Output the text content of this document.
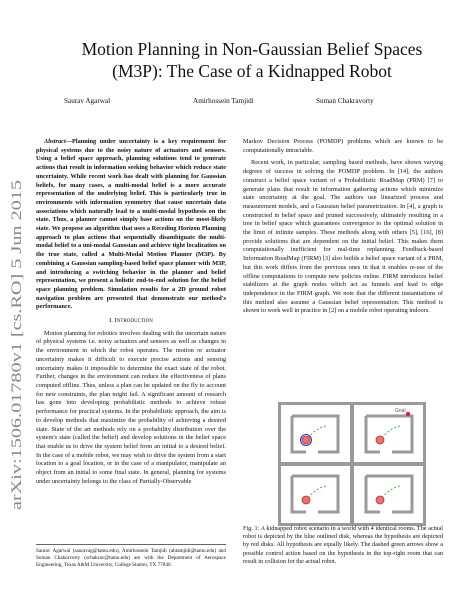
Motion Planning in Non-Gaussian Belief Spaces
(M3P): The Case of a Kidnapped Robot
Saurav Agarwal	Amirhossein Tamjidi	Suman Chakravorty
arXiv:1506.01780v1 [cs.RO] 5 Jun 2015

Abstract—Planning under uncertainty is a key requirement for physical systems due to the noisy nature of actuators and sensors. Using a belief space approach, planning solutions tend to generate actions that result in information seeking behavior which reduce state uncertainty. While recent work has dealt with planning for Gaussian beliefs, for many cases, a multi-modal belief is a more accurate representation of the underlying belief. This is particularly true in environments with information symmetry that cause uncertain data associations which naturally lead to a multi-modal hypothesis on the state. Thus, a planner cannot simply base actions on the most-likely state. We propose an algorithm that uses a Receding Horizon Planning approach to plan actions that sequentially disambiguate the multi-modal belief to a uni-modal Gaussian and achieve tight localization on the true state, called a Multi-Modal Motion Planner (M3P). By combining a Gaussian sampling-based belief space planner with M3P, and introducing a switching behavior in the planner and belief representation, we present a holistic end-to-end solution for the belief space planning problem. Simulation results for a 2D ground robot navigation problem are presented that demonstrate our method's performance.

I. Introduction

Motion planning for robotics involves dealing with the uncertain nature of physical systems i.e. noisy actuators and sensors as well as changes in the environment in which the robot operates. The motion or actuator uncertainty makes it difficult to execute precise actions and sensing uncertainty makes it impossible to determine the exact state of the robot. Further, changes in the environment can reduce the effectiveness of plans computed offline. Thus, unless a plan can be updated on the fly to account for new constraints, the plan might fail. A significant amount of research has gone into developing probabilistic methods to achieve robust performance for practical systems. In the probabilistic approach, the aim is to develop methods that maximize the probability of achieving a desired state. State of the art methods rely on a probability distribution over the system's state (called the belief) and develop solutions in the belief space that enable us to drive the system belief from an initial to a desired belief. In the case of a mobile robot, we may wish to drive the system from a start location to a goal location, or in the case of a manipulator, manipulate an object from an initial to some final state. In general, planning for systems under uncertainty belongs to the class of Partially-Observable

Saurav Agarwal (sauravag@tamu.edu), Amirhossein Tamjidi (ahtamjidi@tamu.edu) and Suman Chakravorty (schakrav@tamu.edu) are with the Department of Aerospace Engineering, Texas A&M University, College Station, TX 77840.

Markov Decision Process (POMDP) problems which are known to be computationally intractable.

Recent work, in particular, sampling based methods, have shown varying degrees of success in solving the POMDP problem. In [14], the authors construct a belief space variant of a Probabilistic RoadMap (PRM) [7] to generate plans that result in information gathering actions which minimize state uncertainty at the goal. The authors use linearized process and measurement models, and a Gaussian belief parametrization. In [4], a graph is constructed in belief space and pruned successively, ultimately resulting in a tree in belief space which guarantees convergence to the optimal solution in the limit of infinite samples. These methods along with others [5], [16], [8] provide solutions that are dependent on the initial belief. This makes them computationally inefficient for real-time replanning. Feedback-based Information RoadMap (FIRM) [3] also builds a belief space variant of a PRM, but this work differs from the previous ones in that it enables re-use of the offline computations to compute new policies online. FIRM introduces belief stabilizers at the graph nodes which act as funnels and lead to edge independence in the FIRM graph. We note that the different instantiations of this method also assume a Gaussian belief representation. This method is shown to work well in practice in [2] on a mobile robot operating indoors.

Goal
Fig. 1: A kidnapped robot scenario in a world with 4 identical rooms. The actual robot is depicted by the blue outlined disk, whereas the hypothesis are depicted by red disks. All hypothesis are equally likely. The dashed green arrows show a possible control action based on the hypothesis in the top-right room that can result in collision for the actual robot.
